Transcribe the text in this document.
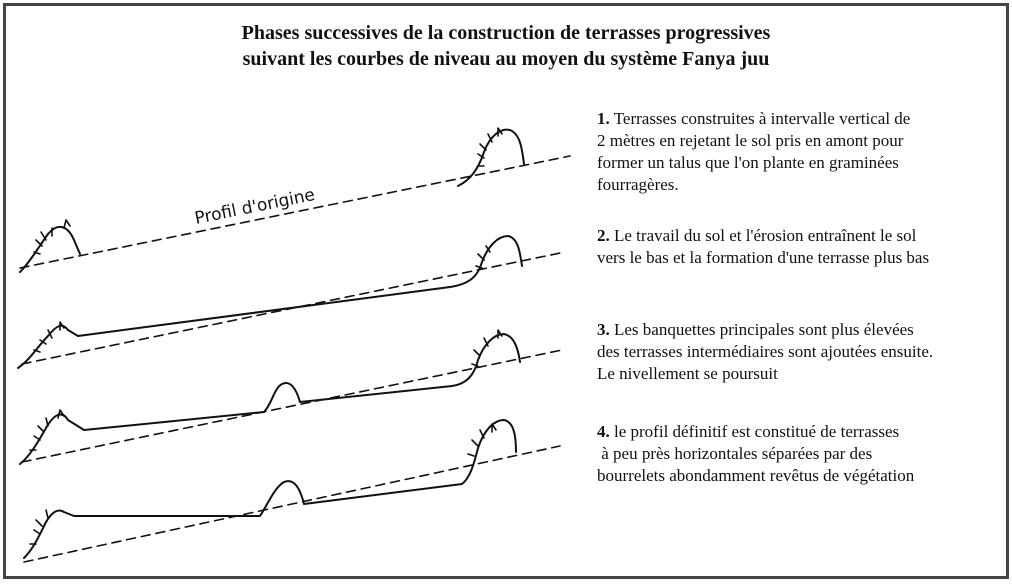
Phases successives de la construction de terrasses progressives
suivant les courbes de niveau au moyen du système Fanya juu
Profil d'origine
1. Terrasses construites à intervalle vertical de
2 mètres en rejetant le sol pris en amont pour
former un talus que l'on plante en graminées
fourragères.
2. Le travail du sol et l'érosion entraînent le sol
vers le bas et la formation d'une terrasse plus bas
3. Les banquettes principales sont plus élevées
des terrasses intermédiaires sont ajoutées ensuite.
Le nivellement se poursuit
4. le profil définitif est constitué de terrasses
à peu près horizontales séparées par des
bourrelets abondamment revêtus de végétation
